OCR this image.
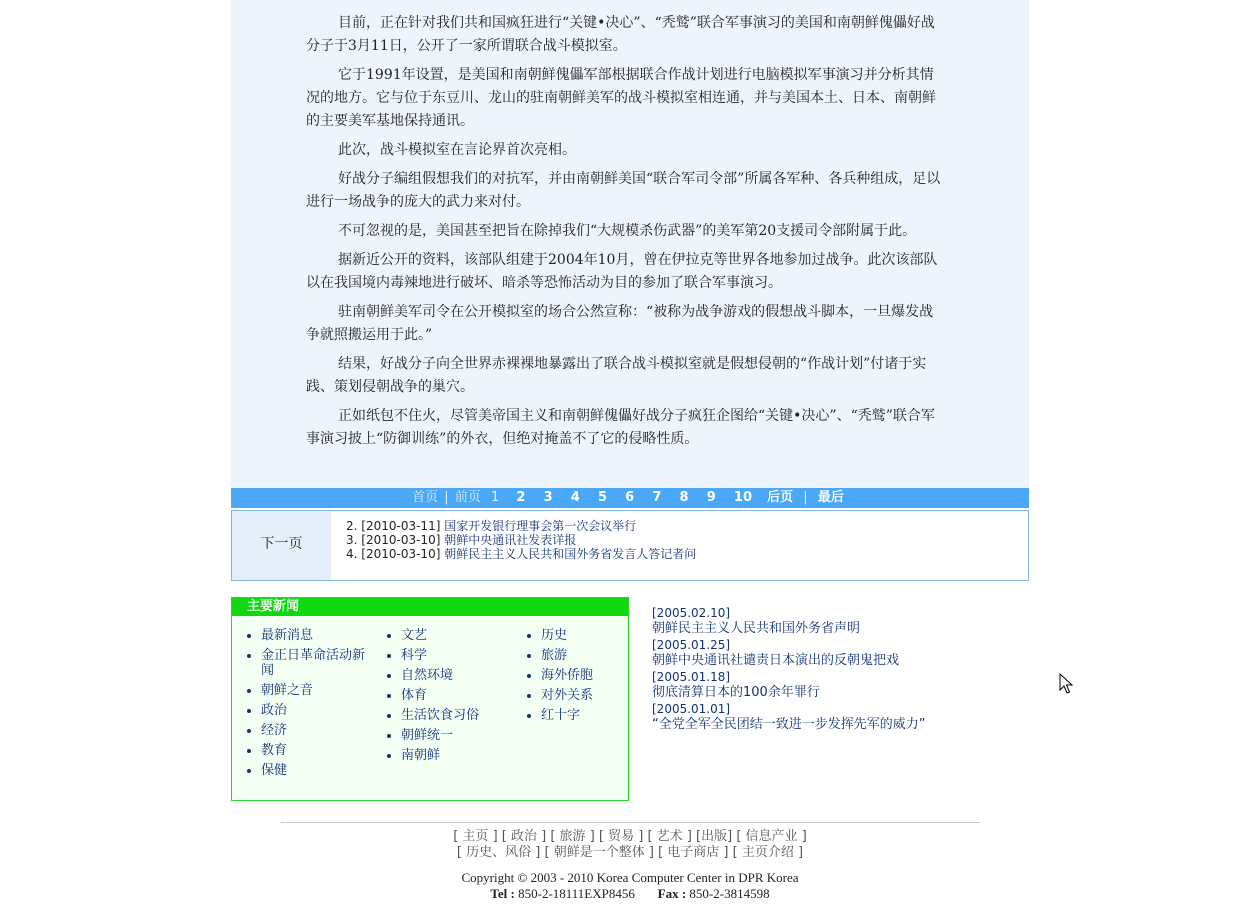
目前，正在针对我们共和国疯狂进行“关键•决心”、“秃鹫”联合军事演习的美国和南朝鲜傀儡好战分子于3月11日，公开了一家所谓联合战斗模拟室。

它于1991年设置，是美国和南朝鲜傀儡军部根据联合作战计划进行电脑模拟军事演习并分析其情况的地方。它与位于东豆川、龙山的驻南朝鲜美军的战斗模拟室相连通，并与美国本土、日本、南朝鲜的主要美军基地保持通讯。

此次，战斗模拟室在言论界首次亮相。

好战分子编组假想我们的对抗军，并由南朝鲜美国“联合军司令部”所属各军种、各兵种组成，足以进行一场战争的庞大的武力来对付。

不可忽视的是，美国甚至把旨在除掉我们“大规模杀伤武器”的美军第20支援司令部附属于此。

据新近公开的资料，该部队组建于2004年10月，曾在伊拉克等世界各地参加过战争。此次该部队以在我国境内毒辣地进行破坏、暗杀等恐怖活动为目的参加了联合军事演习。

驻南朝鲜美军司令在公开模拟室的场合公然宣称：“被称为战争游戏的假想战斗脚本，一旦爆发战争就照搬运用于此。”

结果，好战分子向全世界赤裸裸地暴露出了联合战斗模拟室就是假想侵朝的“作战计划”付诸于实践、策划侵朝战争的巢穴。

正如纸包不住火，尽管美帝国主义和南朝鲜傀儡好战分子疯狂企图给“关键•决心”、“秃鹫”联合军事演习披上“防御训练”的外衣，但绝对掩盖不了它的侵略性质。

首页 | 前页 1 2 3 4 5 6 7 8 9 10 后页 | 最后
下一页
2. [2010-03-11] 国家开发银行理事会第一次会议举行
3. [2010-03-10] 朝鲜中央通讯社发表详报
4. [2010-03-10] 朝鲜民主主义人民共和国外务省发言人答记者问
主要新闻
最新消息
金正日革命活动新闻
朝鲜之音
政治
经济
教育
保健
文艺
科学
自然环境
体育
生活饮食习俗
朝鲜统一
南朝鲜
历史
旅游
海外侨胞
对外关系
红十字
[2005.02.10]
朝鲜民主主义人民共和国外务省声明
[2005.01.25]
朝鲜中央通讯社谴责日本演出的反朝鬼把戏
[2005.01.18]
彻底清算日本的100余年罪行
[2005.01.01]
“全党全军全民团结一致进一步发挥先军的威力”
[ 主页 ] [ 政治 ] [ 旅游 ] [ 贸易 ] [ 艺术 ] [出版] [ 信息产业 ]
[ 历史、风俗 ] [ 朝鲜是一个整体 ] [ 电子商店 ] [ 主页介绍 ]
Copyright © 2003 - 2010 Korea Computer Center in DPR Korea
Tel : 850-2-18111EXP8456 Fax : 850-2-3814598
